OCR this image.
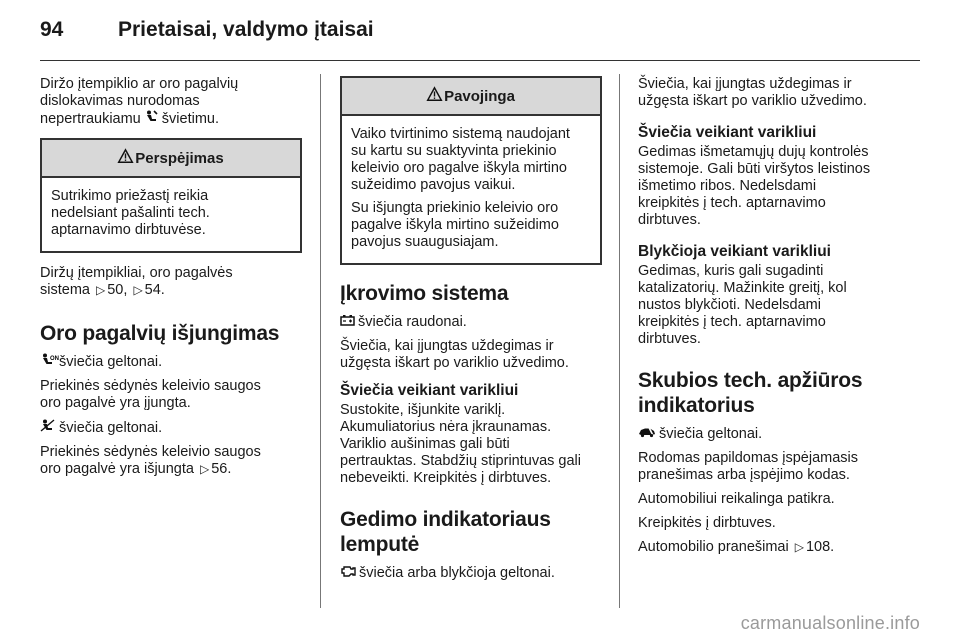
94	Prietaisai, valdymo įtaisai

Diržo įtempiklio ar oro pagalvių
dislokavimas nurodomas
nepertraukiamu švietimu.

Perspėjimas

Sutrikimo priežastį reikia
nedelsiant pašalinti tech.
aptarnavimo dirbtuvėse.

Diržų įtempikliai, oro pagalvės
sistema ▷ 50, ▷ 54.

Oro pagalvių išjungimas

ON šviečia geltonai.

Priekinės sėdynės keleivio saugos
oro pagalvė yra įjungta.

šviečia geltonai.

Priekinės sėdynės keleivio saugos
oro pagalvė yra išjungta ▷ 56.

Pavojinga

Vaiko tvirtinimo sistemą naudojant
su kartu su suaktyvinta priekinio
keleivio oro pagalve iškyla mirtino
sužeidimo pavojus vaikui.

Su išjungta priekinio keleivio oro
pagalve iškyla mirtino sužeidimo
pavojus suaugusiajam.

Įkrovimo sistema

šviečia raudonai.

Šviečia, kai įjungtas uždegimas ir
užgęsta iškart po variklio užvedimo.

Šviečia veikiant varikliui

Sustokite, išjunkite variklį.
Akumuliatorius nėra įkraunamas.
Variklio aušinimas gali būti
pertrauktas. Stabdžių stiprintuvas gali
nebeveikti. Kreipkitės į dirbtuves.

Gedimo indikatoriaus
lemputė

šviečia arba blykčioja geltonai.

Šviečia, kai įjungtas uždegimas ir
užgęsta iškart po variklio užvedimo.

Šviečia veikiant varikliui

Gedimas išmetamųjų dujų kontrolės
sistemoje. Gali būti viršytos leistinos
išmetimo ribos. Nedelsdami
kreipkitės į tech. aptarnavimo
dirbtuves.

Blykčioja veikiant varikliui

Gedimas, kuris gali sugadinti
katalizatorių. Mažinkite greitį, kol
nustos blykčioti. Nedelsdami
kreipkitės į tech. aptarnavimo
dirbtuves.

Skubios tech. apžiūros
indikatorius

šviečia geltonai.

Rodomas papildomas įspėjamasis
pranešimas arba įspėjimo kodas.

Automobiliui reikalinga patikra.

Kreipkitės į dirbtuves.

Automobilio pranešimai ▷ 108.

carmanualsonline.info
